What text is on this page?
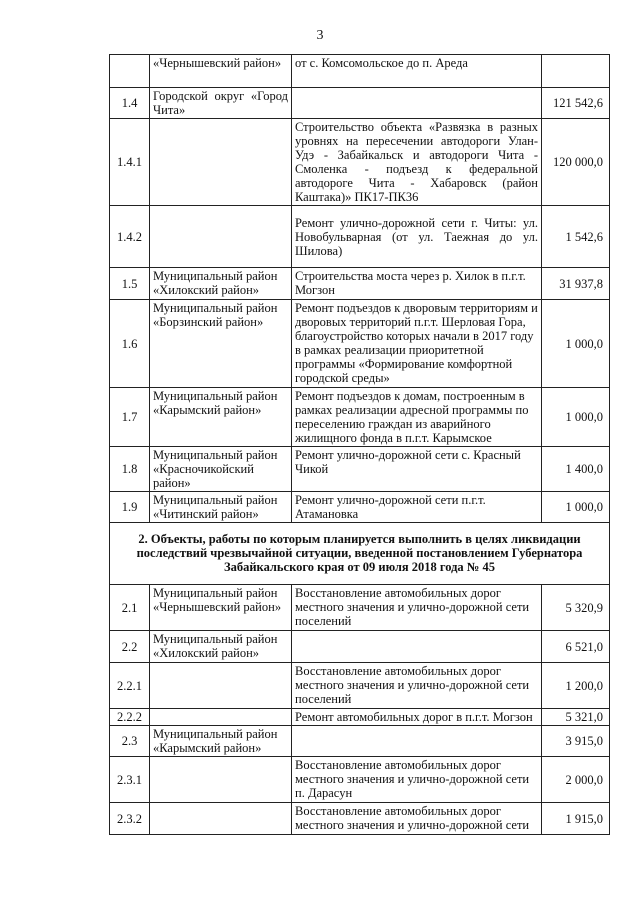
3
	«Чернышевский район»	от с. Комсомольское до п. Ареда	
1.4	Городской округ «Город Чита»		121 542,6
1.4.1		Строительство объекта «Развязка в разных уровнях на пересечении автодороги Улан-Удэ - Забайкальск и автодороги Чита - Смоленка - подъезд к федеральной автодороге Чита - Хабаровск (район Каштака)» ПК17-ПК36	120 000,0
1.4.2		Ремонт улично-дорожной сети г. Читы: ул. Новобульварная (от ул. Таежная до ул. Шилова)	1 542,6
1.5	Муниципальный район «Хилокский район»	Строительства моста через р. Хилок в п.г.т. Могзон	31 937,8
1.6	Муниципальный район «Борзинский район»	Ремонт подъездов к дворовым территориям и дворовых территорий п.г.т. Шерловая Гора, благоустройство которых начали в 2017 году в рамках реализации приоритетной программы «Формирование комфортной городской среды»	1 000,0
1.7	Муниципальный район «Карымский район»	Ремонт подъездов к домам, построенным в рамках реализации адресной программы по переселению граждан из аварийного жилищного фонда в п.г.т. Карымское	1 000,0
1.8	Муниципальный район «Красночикойский район»	Ремонт улично-дорожной сети с. Красный Чикой	1 400,0
1.9	Муниципальный район «Читинский район»	Ремонт улично-дорожной сети п.г.т. Атамановка	1 000,0
2. Объекты, работы по которым планируется выполнить в целях ликвидации последствий чрезвычайной ситуации, введенной постановлением Губернатора Забайкальского края от 09 июля 2018 года № 45			
2.1	Муниципальный район «Чернышевский район»	Восстановление автомобильных дорог местного значения и улично-дорожной сети поселений	5 320,9
2.2	Муниципальный район «Хилокский район»		6 521,0
2.2.1		Восстановление автомобильных дорог местного значения и улично-дорожной сети поселений	1 200,0
2.2.2		Ремонт автомобильных дорог в п.г.т. Могзон	5 321,0
2.3	Муниципальный район «Карымский район»		3 915,0
2.3.1		Восстановление автомобильных дорог местного значения и улично-дорожной сети п. Дарасун	2 000,0
2.3.2		Восстановление автомобильных дорог местного значения и улично-дорожной сети	1 915,0
